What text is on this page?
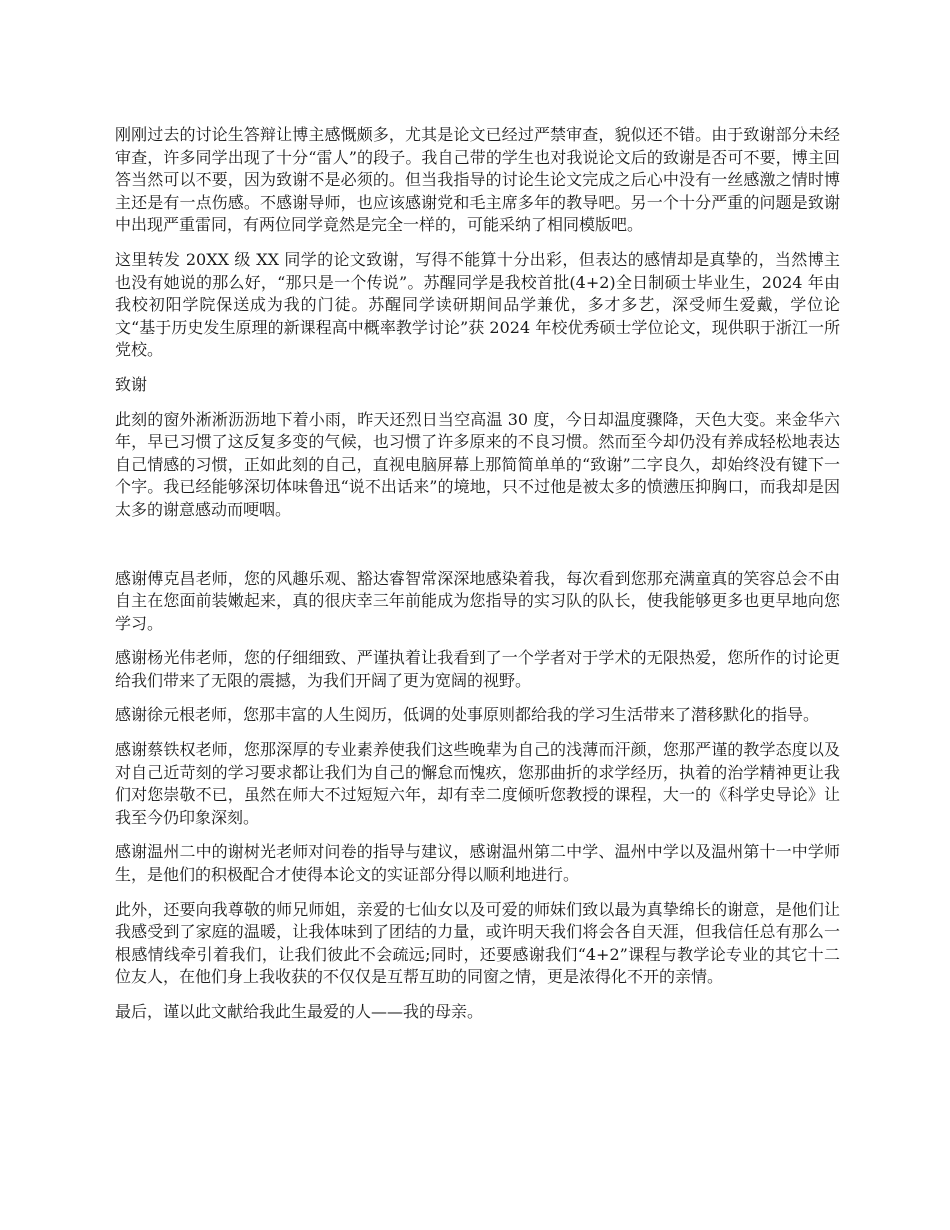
刚刚过去的讨论生答辩让博主感慨颇多，尤其是论文已经过严禁审查，貌似还不错。由于致谢部分未经审查，许多同学出现了十分“雷人”的段子。我自己带的学生也对我说论文后的致谢是否可不要，博主回答当然可以不要，因为致谢不是必须的。但当我指导的讨论生论文完成之后心中没有一丝感激之情时博主还是有一点伤感。不感谢导师，也应该感谢党和毛主席多年的教导吧。另一个十分严重的问题是致谢中出现严重雷同，有两位同学竟然是完全一样的，可能采纳了相同模版吧。

这里转发 20XX 级 XX 同学的论文致谢，写得不能算十分出彩，但表达的感情却是真挚的，当然博主也没有她说的那么好，“那只是一个传说”。苏醒同学是我校首批(4+2)全日制硕士毕业生，2024 年由我校初阳学院保送成为我的门徒。苏醒同学读研期间品学兼优，多才多艺，深受师生爱戴，学位论文“基于历史发生原理的新课程高中概率教学讨论”获 2024 年校优秀硕士学位论文，现供职于浙江一所党校。

致谢

此刻的窗外淅淅沥沥地下着小雨，昨天还烈日当空高温 30 度，今日却温度骤降，天色大变。来金华六年，早已习惯了这反复多变的气候，也习惯了许多原来的不良习惯。然而至今却仍没有养成轻松地表达自己情感的习惯，正如此刻的自己，直视电脑屏幕上那简简单单的“致谢”二字良久，却始终没有键下一个字。我已经能够深切体味鲁迅“说不出话来”的境地，只不过他是被太多的愤懑压抑胸口，而我却是因太多的谢意感动而哽咽。

感谢傅克昌老师，您的风趣乐观、豁达睿智常深深地感染着我，每次看到您那充满童真的笑容总会不由自主在您面前装嫩起来，真的很庆幸三年前能成为您指导的实习队的队长，使我能够更多也更早地向您学习。

感谢杨光伟老师，您的仔细细致、严谨执着让我看到了一个学者对于学术的无限热爱，您所作的讨论更给我们带来了无限的震撼，为我们开阔了更为宽阔的视野。

感谢徐元根老师，您那丰富的人生阅历，低调的处事原则都给我的学习生活带来了潜移默化的指导。

感谢蔡铁权老师，您那深厚的专业素养使我们这些晚辈为自己的浅薄而汗颜，您那严谨的教学态度以及对自己近苛刻的学习要求都让我们为自己的懈怠而愧疚，您那曲折的求学经历，执着的治学精神更让我们对您崇敬不已，虽然在师大不过短短六年，却有幸二度倾听您教授的课程，大一的《科学史导论》让我至今仍印象深刻。

感谢温州二中的谢树光老师对问卷的指导与建议，感谢温州第二中学、温州中学以及温州第十一中学师生，是他们的积极配合才使得本论文的实证部分得以顺利地进行。

此外，还要向我尊敬的师兄师姐，亲爱的七仙女以及可爱的师妹们致以最为真挚绵长的谢意，是他们让我感受到了家庭的温暖，让我体味到了团结的力量，或许明天我们将会各自天涯，但我信任总有那么一根感情线牵引着我们，让我们彼此不会疏远;同时，还要感谢我们“4+2”课程与教学论专业的其它十二位友人，在他们身上我收获的不仅仅是互帮互助的同窗之情，更是浓得化不开的亲情。

最后，谨以此文献给我此生最爱的人——我的母亲。
